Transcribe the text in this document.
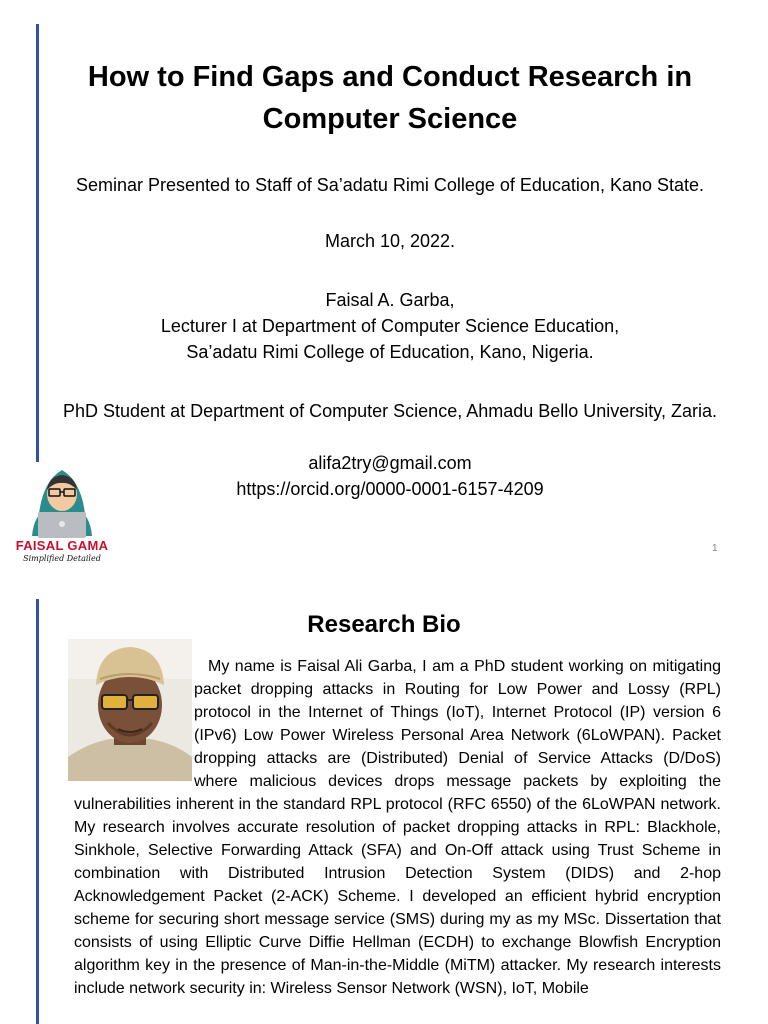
How to Find Gaps and Conduct Research in Computer Science
Seminar Presented to Staff of Sa’adatu Rimi College of Education, Kano State.
March 10, 2022.
Faisal A. Garba,
Lecturer I at Department of Computer Science Education,
Sa’adatu Rimi College of Education, Kano, Nigeria.
PhD Student at Department of Computer Science, Ahmadu Bello University, Zaria.
alifa2try@gmail.com
https://orcid.org/0000-0001-6157-4209
1
FAISAL GAMA
Simplified Detailed
Research Bio
My name is Faisal Ali Garba, I am a PhD student working on mitigating packet dropping attacks in Routing for Low Power and Lossy (RPL) protocol in the Internet of Things (IoT), Internet Protocol (IP) version 6 (IPv6) Low Power Wireless Personal Area Network (6LoWPAN). Packet dropping attacks are (Distributed) Denial of Service Attacks (D/DoS) where malicious devices drops message packets by exploiting the vulnerabilities inherent in the standard RPL protocol (RFC 6550) of the 6LoWPAN network. My research involves accurate resolution of packet dropping attacks in RPL: Blackhole, Sinkhole, Selective Forwarding Attack (SFA) and On-Off attack using Trust Scheme in combination with Distributed Intrusion Detection System (DIDS) and 2-hop Acknowledgement Packet (2-ACK) Scheme. I developed an efficient hybrid encryption scheme for securing short message service (SMS) during my as my MSc. Dissertation that consists of using Elliptic Curve Diffie Hellman (ECDH) to exchange Blowfish Encryption algorithm key in the presence of Man-in-the-Middle (MiTM) attacker. My research interests include network security in: Wireless Sensor Network (WSN), IoT, Mobile
